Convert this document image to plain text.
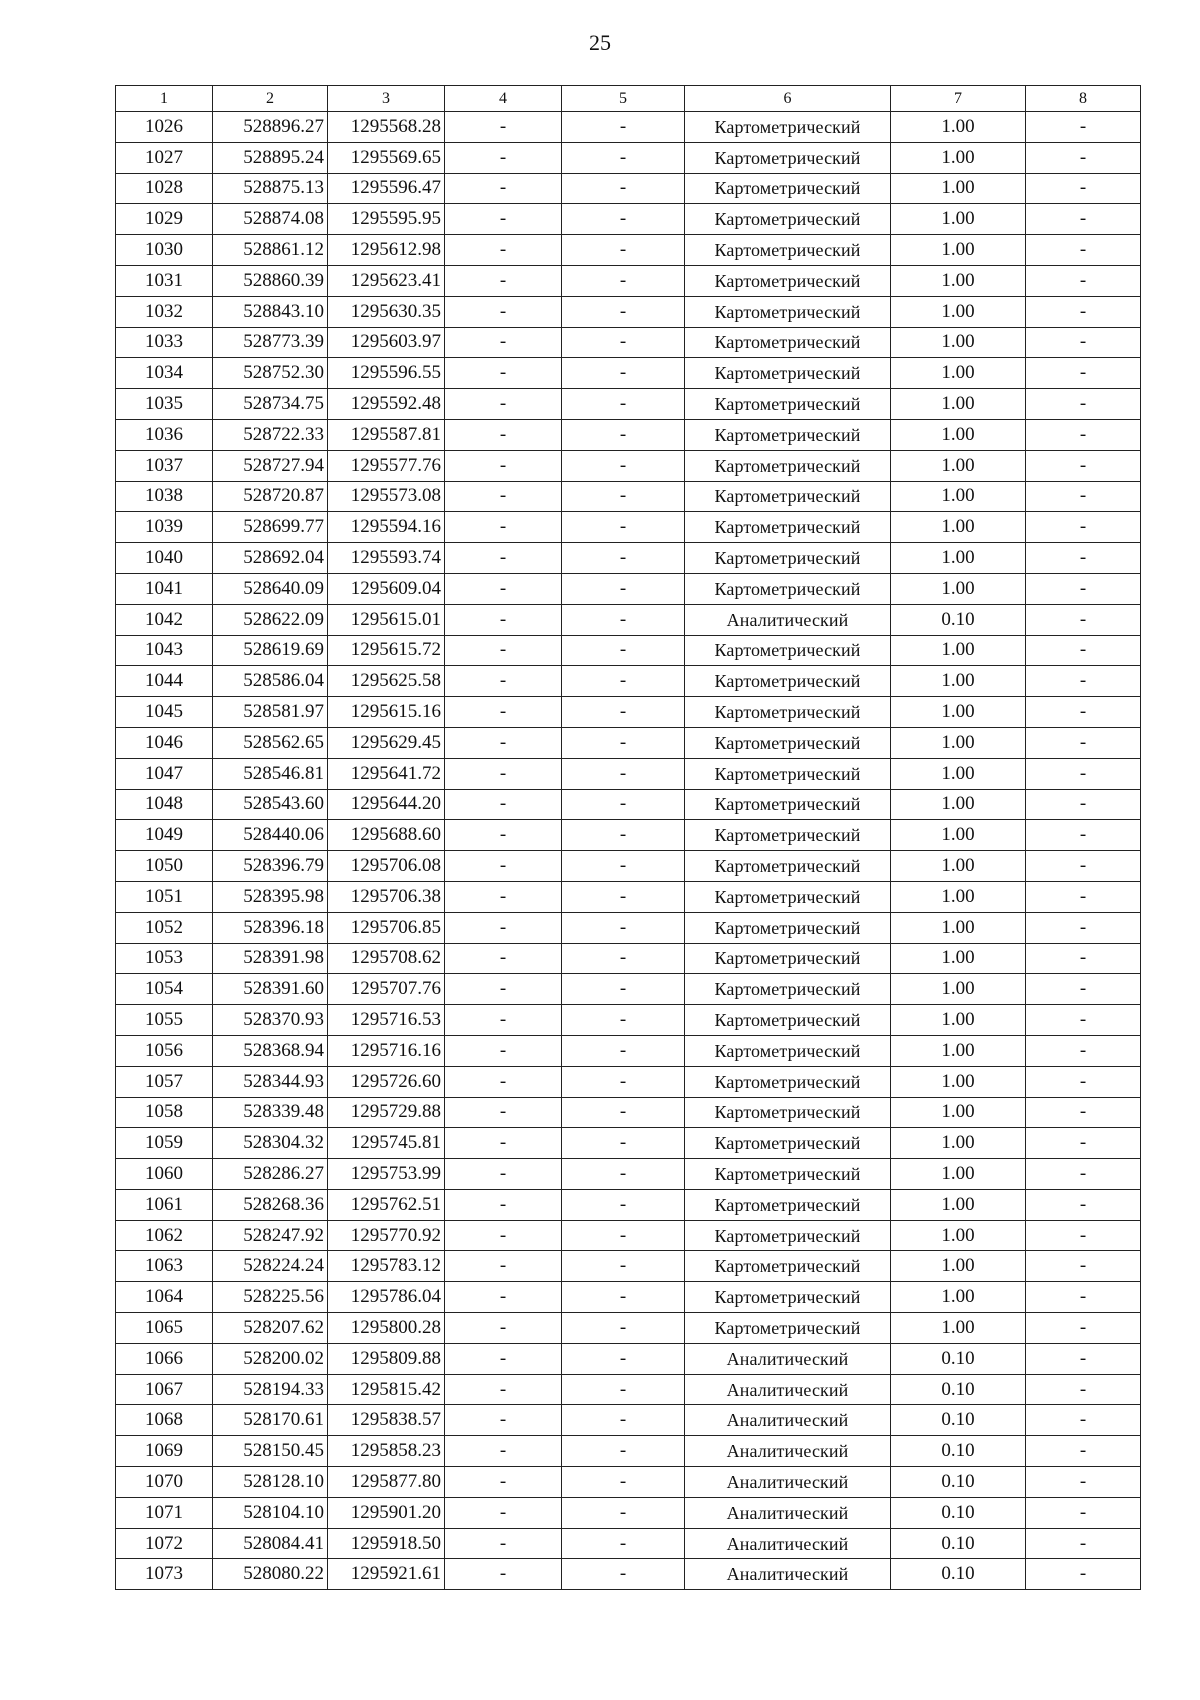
25
1	2	3	4	5	6	7	8
1026	528896.27	1295568.28	-	-	Картометрический	1.00	-
1027	528895.24	1295569.65	-	-	Картометрический	1.00	-
1028	528875.13	1295596.47	-	-	Картометрический	1.00	-
1029	528874.08	1295595.95	-	-	Картометрический	1.00	-
1030	528861.12	1295612.98	-	-	Картометрический	1.00	-
1031	528860.39	1295623.41	-	-	Картометрический	1.00	-
1032	528843.10	1295630.35	-	-	Картометрический	1.00	-
1033	528773.39	1295603.97	-	-	Картометрический	1.00	-
1034	528752.30	1295596.55	-	-	Картометрический	1.00	-
1035	528734.75	1295592.48	-	-	Картометрический	1.00	-
1036	528722.33	1295587.81	-	-	Картометрический	1.00	-
1037	528727.94	1295577.76	-	-	Картометрический	1.00	-
1038	528720.87	1295573.08	-	-	Картометрический	1.00	-
1039	528699.77	1295594.16	-	-	Картометрический	1.00	-
1040	528692.04	1295593.74	-	-	Картометрический	1.00	-
1041	528640.09	1295609.04	-	-	Картометрический	1.00	-
1042	528622.09	1295615.01	-	-	Аналитический	0.10	-
1043	528619.69	1295615.72	-	-	Картометрический	1.00	-
1044	528586.04	1295625.58	-	-	Картометрический	1.00	-
1045	528581.97	1295615.16	-	-	Картометрический	1.00	-
1046	528562.65	1295629.45	-	-	Картометрический	1.00	-
1047	528546.81	1295641.72	-	-	Картометрический	1.00	-
1048	528543.60	1295644.20	-	-	Картометрический	1.00	-
1049	528440.06	1295688.60	-	-	Картометрический	1.00	-
1050	528396.79	1295706.08	-	-	Картометрический	1.00	-
1051	528395.98	1295706.38	-	-	Картометрический	1.00	-
1052	528396.18	1295706.85	-	-	Картометрический	1.00	-
1053	528391.98	1295708.62	-	-	Картометрический	1.00	-
1054	528391.60	1295707.76	-	-	Картометрический	1.00	-
1055	528370.93	1295716.53	-	-	Картометрический	1.00	-
1056	528368.94	1295716.16	-	-	Картометрический	1.00	-
1057	528344.93	1295726.60	-	-	Картометрический	1.00	-
1058	528339.48	1295729.88	-	-	Картометрический	1.00	-
1059	528304.32	1295745.81	-	-	Картометрический	1.00	-
1060	528286.27	1295753.99	-	-	Картометрический	1.00	-
1061	528268.36	1295762.51	-	-	Картометрический	1.00	-
1062	528247.92	1295770.92	-	-	Картометрический	1.00	-
1063	528224.24	1295783.12	-	-	Картометрический	1.00	-
1064	528225.56	1295786.04	-	-	Картометрический	1.00	-
1065	528207.62	1295800.28	-	-	Картометрический	1.00	-
1066	528200.02	1295809.88	-	-	Аналитический	0.10	-
1067	528194.33	1295815.42	-	-	Аналитический	0.10	-
1068	528170.61	1295838.57	-	-	Аналитический	0.10	-
1069	528150.45	1295858.23	-	-	Аналитический	0.10	-
1070	528128.10	1295877.80	-	-	Аналитический	0.10	-
1071	528104.10	1295901.20	-	-	Аналитический	0.10	-
1072	528084.41	1295918.50	-	-	Аналитический	0.10	-
1073	528080.22	1295921.61	-	-	Аналитический	0.10	-
